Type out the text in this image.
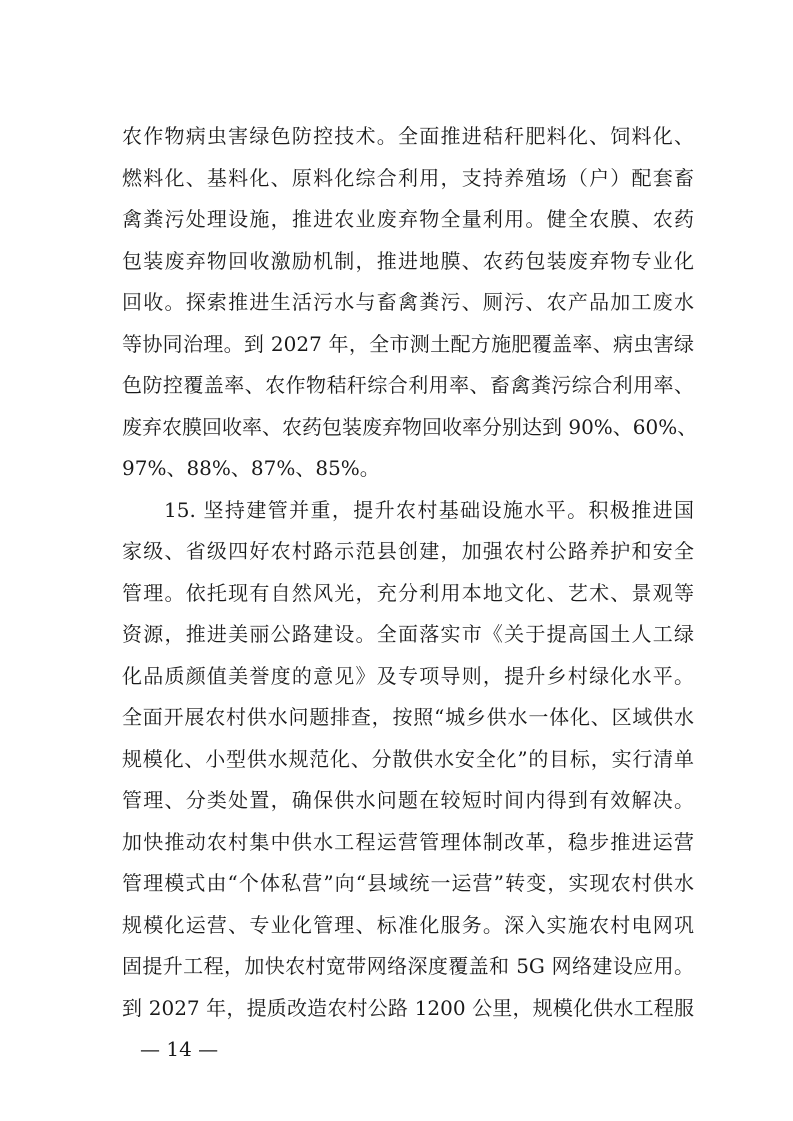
农作物病虫害绿色防控技术。全面推进秸秆肥料化、饲料化、
燃料化、基料化、原料化综合利用，支持养殖场（户）配套畜
禽粪污处理设施，推进农业废弃物全量利用。健全农膜、农药
包装废弃物回收激励机制，推进地膜、农药包装废弃物专业化
回收。探索推进生活污水与畜禽粪污、厕污、农产品加工废水
等协同治理。到 2027 年，全市测土配方施肥覆盖率、病虫害绿
色防控覆盖率、农作物秸秆综合利用率、畜禽粪污综合利用率、
废弃农膜回收率、农药包装废弃物回收率分别达到 90%、60%、
97%、88%、87%、85%。
15. 坚持建管并重，提升农村基础设施水平。积极推进国
家级、省级四好农村路示范县创建，加强农村公路养护和安全
管理。依托现有自然风光，充分利用本地文化、艺术、景观等
资源，推进美丽公路建设。全面落实市《关于提高国土人工绿
化品质颜值美誉度的意见》及专项导则，提升乡村绿化水平。
全面开展农村供水问题排查，按照“城乡供水一体化、区域供水
规模化、小型供水规范化、分散供水安全化”的目标，实行清单
管理、分类处置，确保供水问题在较短时间内得到有效解决。
加快推动农村集中供水工程运营管理体制改革，稳步推进运营
管理模式由“个体私营”向“县域统一运营”转变，实现农村供水
规模化运营、专业化管理、标准化服务。深入实施农村电网巩
固提升工程，加快农村宽带网络深度覆盖和 5G 网络建设应用。
到 2027 年，提质改造农村公路 1200 公里，规模化供水工程服
— 14 —
